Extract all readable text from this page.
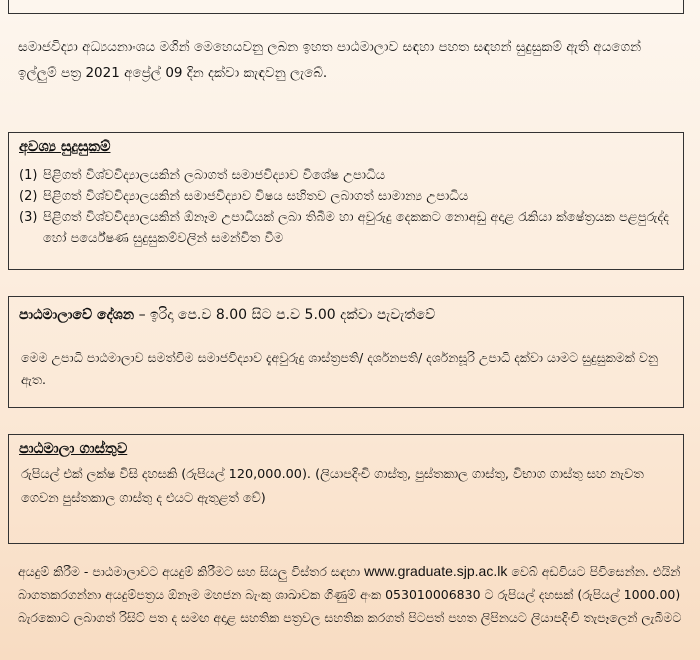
සමාජවිද්‍යා අධ්‍යයනාංශය මගින් මෙහෙයවනු ලබන ඉහත පාඨමාලාව සඳහා පහත සඳහන් සුදුසුකම් ඇති අයගෙන් ඉල්ලුම් පත්‍ර 2021 අප්‍රේල් 09 දින දක්වා කැඳවනු ලැබේ.
අවශ්‍ය සුදුසුකම්
(1) පිළිගත් විශ්වවිද්‍යාලයකින් ලබාගත් සමාජවිද්‍යාව විශේෂ උපාධිය
(2) පිළිගත් විශ්වවිද්‍යාලයකින් සමාජවිද්‍යාව විෂය සහිතව ලබාගත් සාමාන්‍ය උපාධිය
(3) පිළිගත් විශ්වවිද්‍යාලයකින් ඕනෑම උපාධියක් ලබා තිබීම හා අවුරුදු දෙකකට නොඅඩු අදාළ රැකියා ක්ෂේත්‍රයක පළපුරුද්ද හෝ පර්යේෂණ සුදුසුකම්වලින් සමන්විත වීම
පාඨමාලාවේ දේශන – ඉරිදා පෙ.ව 8.00 සිට ප.ව 5.00 දක්වා පැවැත්වේ
මෙම උපාධි පාඨමාලාව සමත්වීම සමාජවිද්‍යාව දැඅවුරුදු ශාස්ත්‍රපති/ දර්ශනපති/ දර්ශනසූරි උපාධි දක්වා යාමට සුදුසුකමක් වනු ඇත.
පාඨමාලා ගාස්තුව
රුපියල් එක් ලක්ෂ විසි දහසකි (රුපියල් 120,000.00). (ලියාපදිංචි ගාස්තු, පුස්තකාල ගාස්තු, විභාග ගාස්තු සහ නැවත ගෙවන පුස්තකාල ගාස්තු ද එයට ඇතුළත් වේ)
අයදුම් කිරීම - පාඨමාලාවට අයදුම් කිරීමට සහ සියලු විස්තර සඳහා www.graduate.sjp.ac.lk වෙබ් අඩවියට පිවිසෙන්න. එයින් බාගතකරගන්නා අයදුම්පත්‍රය ඕනෑම මහජන බැංකු ශාඛාවක ගිණුම් අංක 053010006830 ට රුපියල් දහසක් (රුපියල් 1000.00) බැරකොට ලබාගත් රිසිට් පත ද සමඟ අදාළ සහතික පත්‍රවල සහතික කරගත් පිටපත් පහත ලිපිනයට ලියාපදිංචි තැපෑලෙන් ලැබීමට
